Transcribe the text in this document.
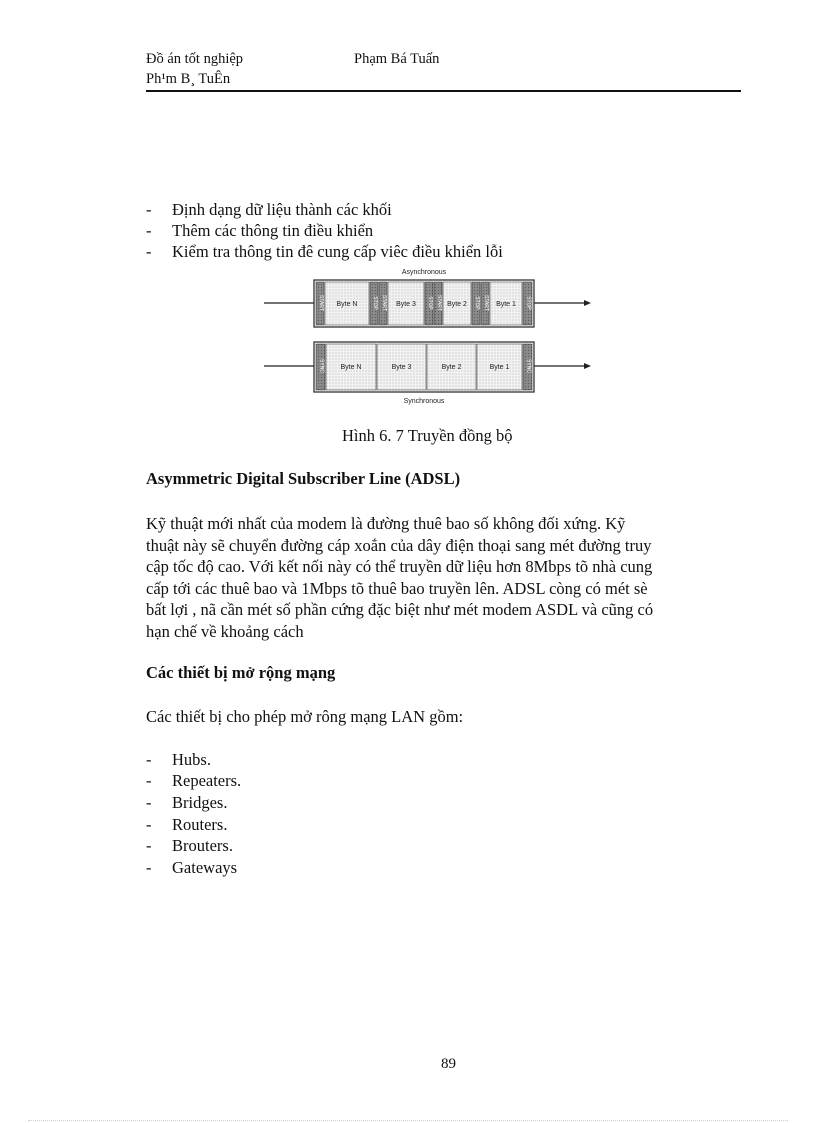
Đồ án tốt nghiệp	Phạm Bá Tuấn
Ph¹m B¸ TuÊn
- Định dạng dữ liệu thành các khối
- Thêm các thông tin điều khiển
- Kiểm tra thông tin đê cung cấp viêc điều khiển lỗi
Asynchronous
START Byte N	STOP START Byte 3 STOP START Byte 2 STOP START Byte 1 STOP
SYNC Byte N	Byte 3	Byte 2	Byte 1	SYNC
Synchronous
Hình 6. 7 Truyền đồng bộ
Asymmetric Digital Subscriber Line (ADSL)
Kỹ thuật mới nhất của modem là đường thuê bao số không đối xứng. Kỹ
thuật này sẽ chuyển đường cáp xoắn của dây điện thoại sang mét đường truy
cập tốc độ cao. Với kết nối này có thể truyền dữ liệu hơn 8Mbps tõ nhà cung
cấp tới các thuê bao và 1Mbps tõ thuê bao truyền lên. ADSL còng có mét sè
bất lợi , nã cần mét số phần cứng đặc biệt như mét modem ASDL và cũng có
hạn chế về khoảng cách
Các thiết bị mở rộng mạng
Các thiết bị cho phép mở rông mạng LAN gồm:
- Hubs.
- Repeaters.
- Bridges.
- Routers.
- Brouters.
- Gateways
89
